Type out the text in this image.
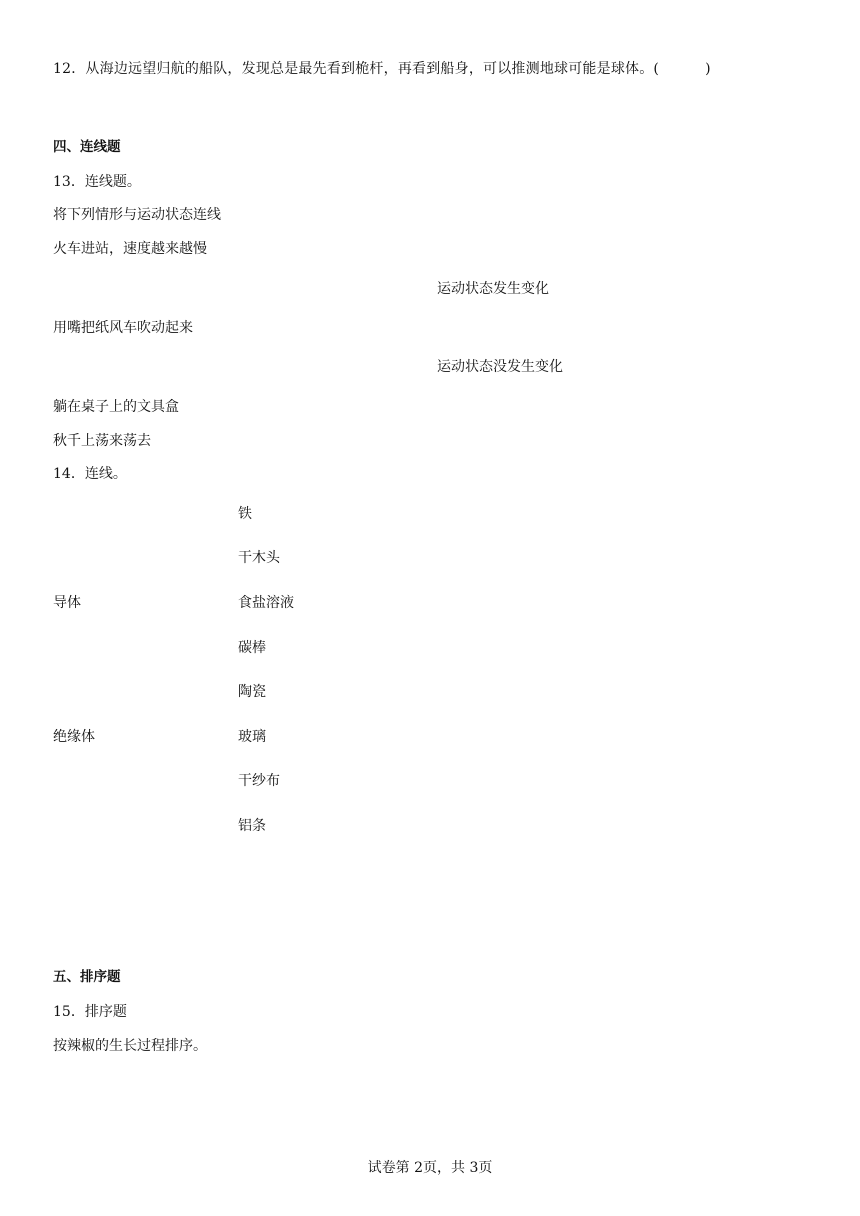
12．从海边远望归航的船队，发现总是最先看到桅杆，再看到船身，可以推测地球可能是球体。(	)
四、连线题
13．连线题。
将下列情形与运动状态连线
火车进站，速度越来越慢
运动状态发生变化
用嘴把纸风车吹动起来
运动状态没发生变化
躺在桌子上的文具盒
秋千上荡来荡去
14．连线。
铁
干木头
导体	食盐溶液
碳棒
陶瓷
绝缘体	玻璃
干纱布
铝条
五、排序题
15．排序题
按辣椒的生长过程排序。
试卷第 2页，共 3页
